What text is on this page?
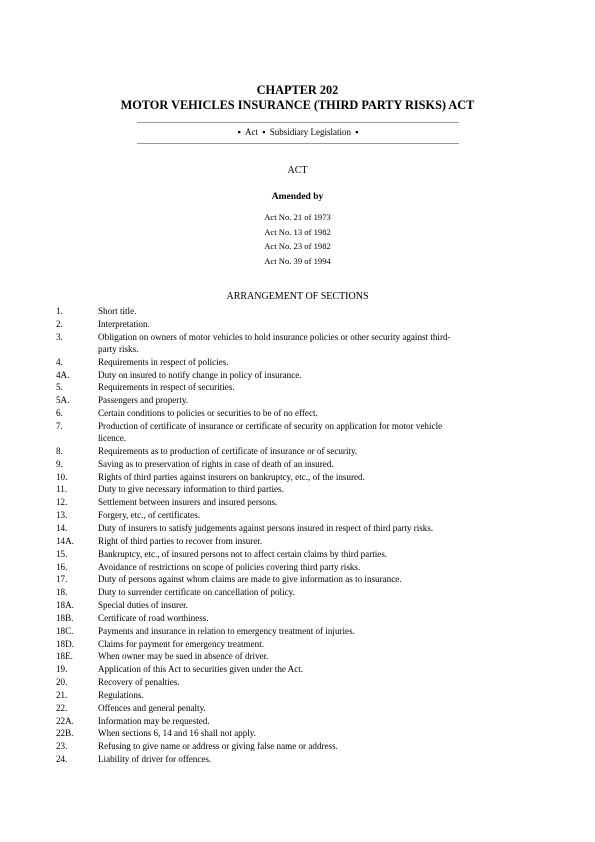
CHAPTER 202
MOTOR VEHICLES INSURANCE (THIRD PARTY RISKS) ACT
▪ Act ▪ Subsidiary Legislation ▪
ACT
Amended by
Act No. 21 of 1973
Act No. 13 of 1982
Act No. 23 of 1982
Act No. 39 of 1994
ARRANGEMENT OF SECTIONS
1.	Short title.
2.	Interpretation.
3.	Obligation on owners of motor vehicles to hold insurance policies or other security against third-party risks.
4.	Requirements in respect of policies.
4A.	Duty on insured to notify change in policy of insurance.
5.	Requirements in respect of securities.
5A.	Passengers and property.
6.	Certain conditions to policies or securities to be of no effect.
7.	Production of certificate of insurance or certificate of security on application for motor vehicle licence.
8.	Requirements as to production of certificate of insurance or of security.
9.	Saving as to preservation of rights in case of death of an insured.
10.	Rights of third parties against insurers on bankruptcy, etc., of the insured.
11.	Duty to give necessary information to third parties.
12.	Settlement between insurers and insured persons.
13.	Forgery, etc., of certificates.
14.	Duty of insurers to satisfy judgements against persons insured in respect of third party risks.
14A.	Right of third parties to recover from insurer.
15.	Bankruptcy, etc., of insured persons not to affect certain claims by third parties.
16.	Avoidance of restrictions on scope of policies covering third party risks.
17.	Duty of persons against whom claims are made to give information as to insurance.
18.	Duty to surrender certificate on cancellation of policy.
18A.	Special duties of insurer.
18B.	Certificate of road worthiness.
18C.	Payments and insurance in relation to emergency treatment of injuries.
18D.	Claims for payment for emergency treatment.
18E.	When owner may be sued in absence of driver.
19.	Application of this Act to securities given under the Act.
20.	Recovery of penalties.
21.	Regulations.
22.	Offences and general penalty.
22A.	Information may be requested.
22B.	When sections 6, 14 and 16 shall not apply.
23.	Refusing to give name or address or giving false name or address.
24.	Liability of driver for offences.
